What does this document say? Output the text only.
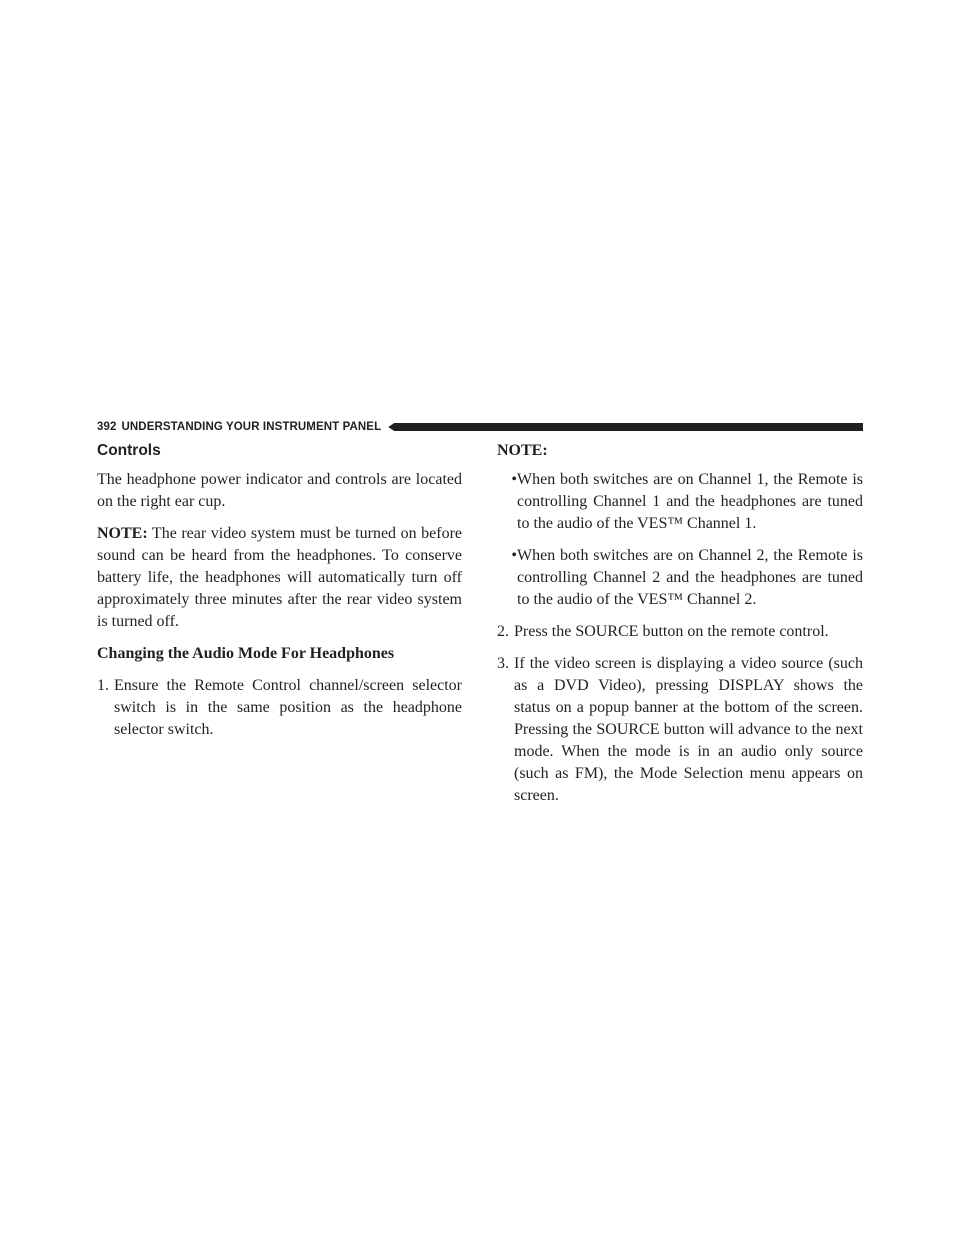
392 UNDERSTANDING YOUR INSTRUMENT PANEL
Controls

The headphone power indicator and controls are located on the right ear cup.

NOTE: The rear video system must be turned on before sound can be heard from the headphones. To conserve battery life, the headphones will automatically turn off approximately three minutes after the rear video system is turned off.

Changing the Audio Mode For Headphones
1. Ensure the Remote Control channel/screen selector switch is in the same position as the headphone selector switch.
NOTE:
• When both switches are on Channel 1, the Remote is controlling Channel 1 and the headphones are tuned to the audio of the VES™ Channel 1.
• When both switches are on Channel 2, the Remote is controlling Channel 2 and the headphones are tuned to the audio of the VES™ Channel 2.
2. Press the SOURCE button on the remote control.
3. If the video screen is displaying a video source (such as a DVD Video), pressing DISPLAY shows the status on a popup banner at the bottom of the screen. Pressing the SOURCE button will advance to the next mode. When the mode is in an audio only source (such as FM), the Mode Selection menu appears on screen.
